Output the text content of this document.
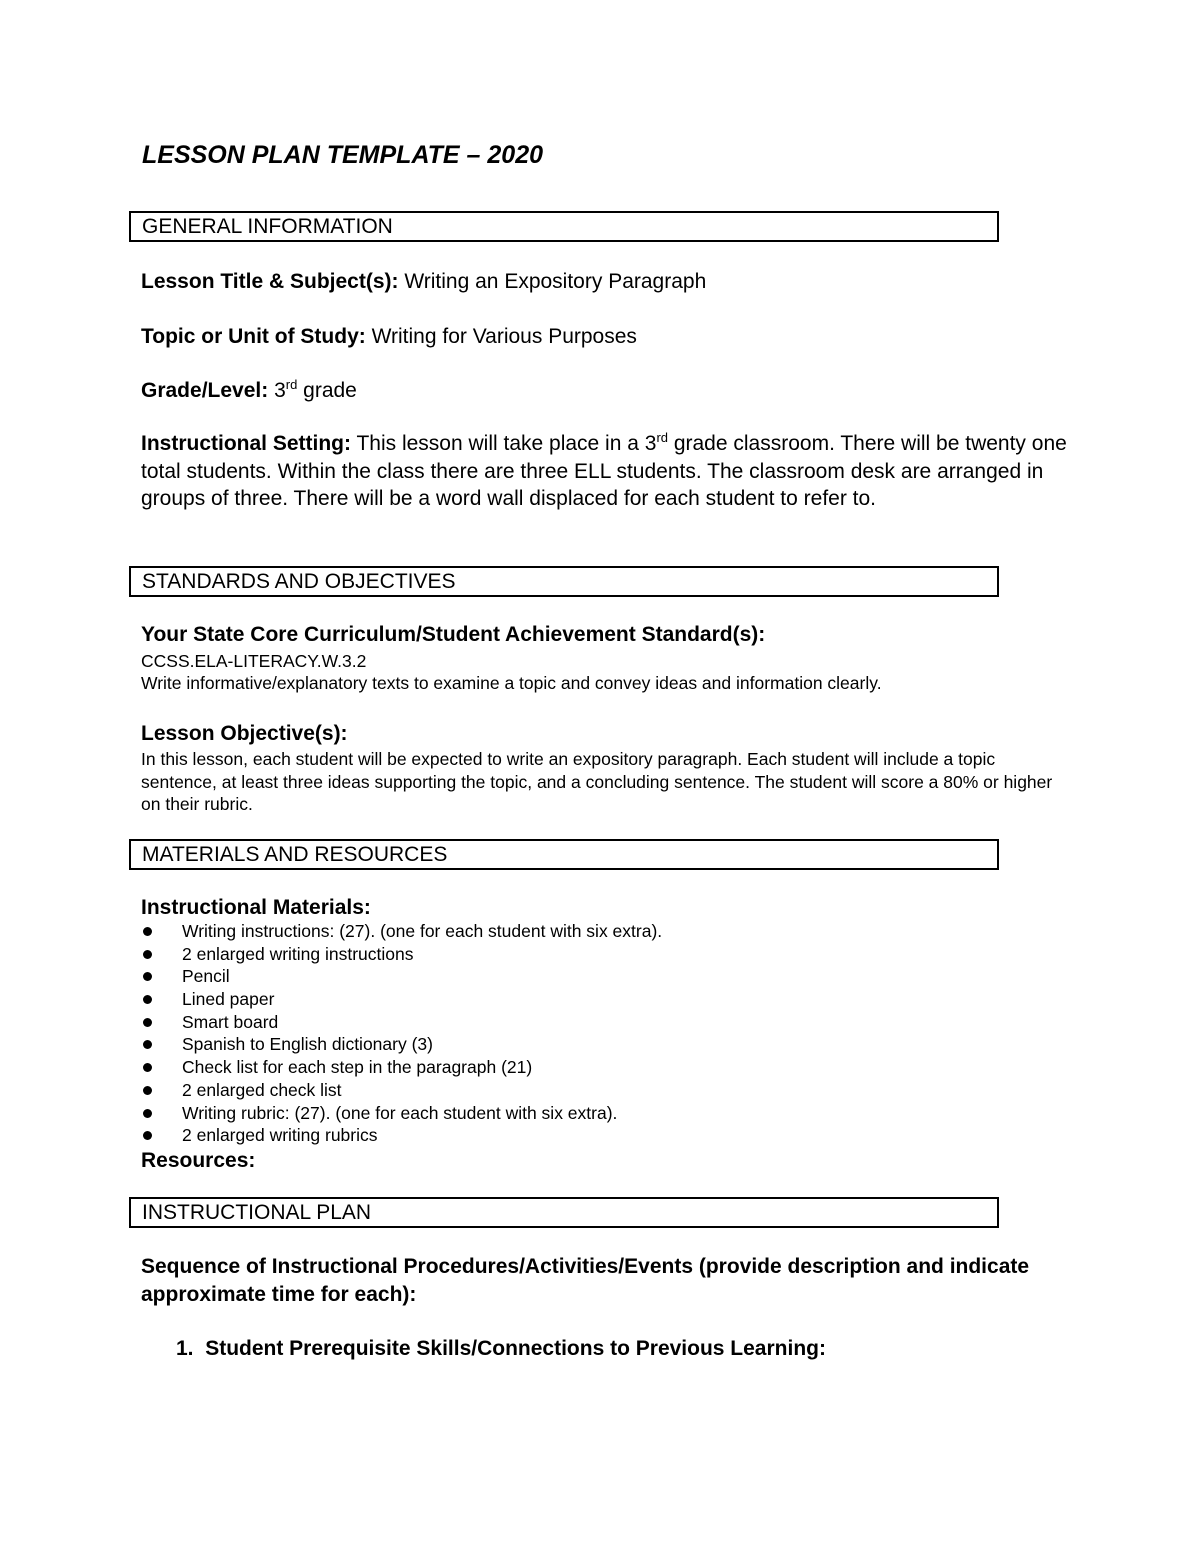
LESSON PLAN TEMPLATE – 2020
GENERAL INFORMATION
Lesson Title & Subject(s): Writing an Expository Paragraph
Topic or Unit of Study: Writing for Various Purposes
Grade/Level: 3rd grade
Instructional Setting: This lesson will take place in a 3rd grade classroom. There will be twenty one total students. Within the class there are three ELL students. The classroom desk are arranged in groups of three. There will be a word wall displaced for each student to refer to.
STANDARDS AND OBJECTIVES
Your State Core Curriculum/Student Achievement Standard(s):
CCSS.ELA-LITERACY.W.3.2
Write informative/explanatory texts to examine a topic and convey ideas and information clearly.
Lesson Objective(s):
In this lesson, each student will be expected to write an expository paragraph. Each student will include a topic sentence, at least three ideas supporting the topic, and a concluding sentence. The student will score a 80% or higher on their rubric.
MATERIALS AND RESOURCES
Instructional Materials:
Writing instructions: (27). (one for each student with six extra).
2 enlarged writing instructions
Pencil
Lined paper
Smart board
Spanish to English dictionary (3)
Check list for each step in the paragraph (21)
2 enlarged check list
Writing rubric: (27). (one for each student with six extra).
2 enlarged writing rubrics
Resources:
INSTRUCTIONAL PLAN
Sequence of Instructional Procedures/Activities/Events (provide description and indicate approximate time for each):
1. Student Prerequisite Skills/Connections to Previous Learning:
